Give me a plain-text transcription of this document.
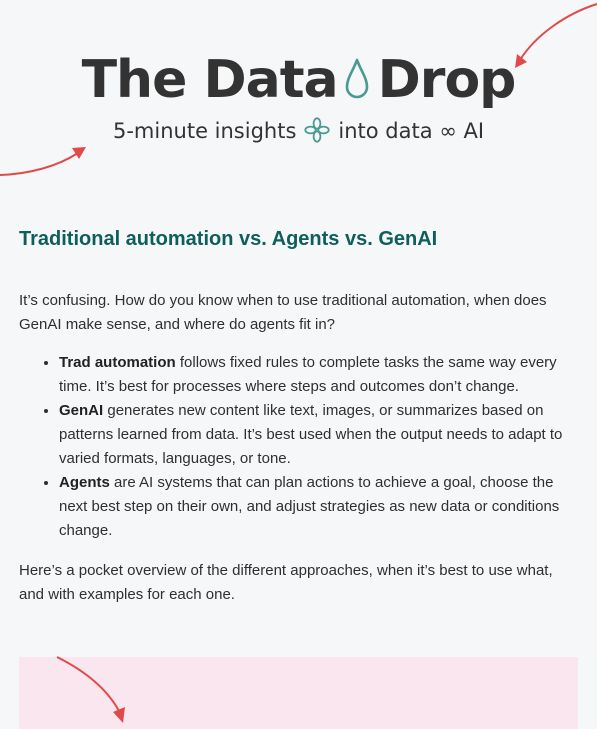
The Data Drop
5-minute insights into data ∞ AI
Traditional automation vs. Agents vs. GenAI

It’s confusing. How do you know when to use traditional automation, when does GenAI make sense, and where do agents fit in?

• Trad automation follows fixed rules to complete tasks the same way every time. It’s best for processes where steps and outcomes don’t change.
• GenAI generates new content like text, images, or summarizes based on patterns learned from data. It’s best used when the output needs to adapt to varied formats, languages, or tone.
• Agents are AI systems that can plan actions to achieve a goal, choose the next best step on their own, and adjust strategies as new data or conditions change.

Here’s a pocket overview of the different approaches, when it’s best to use what, and with examples for each one.
